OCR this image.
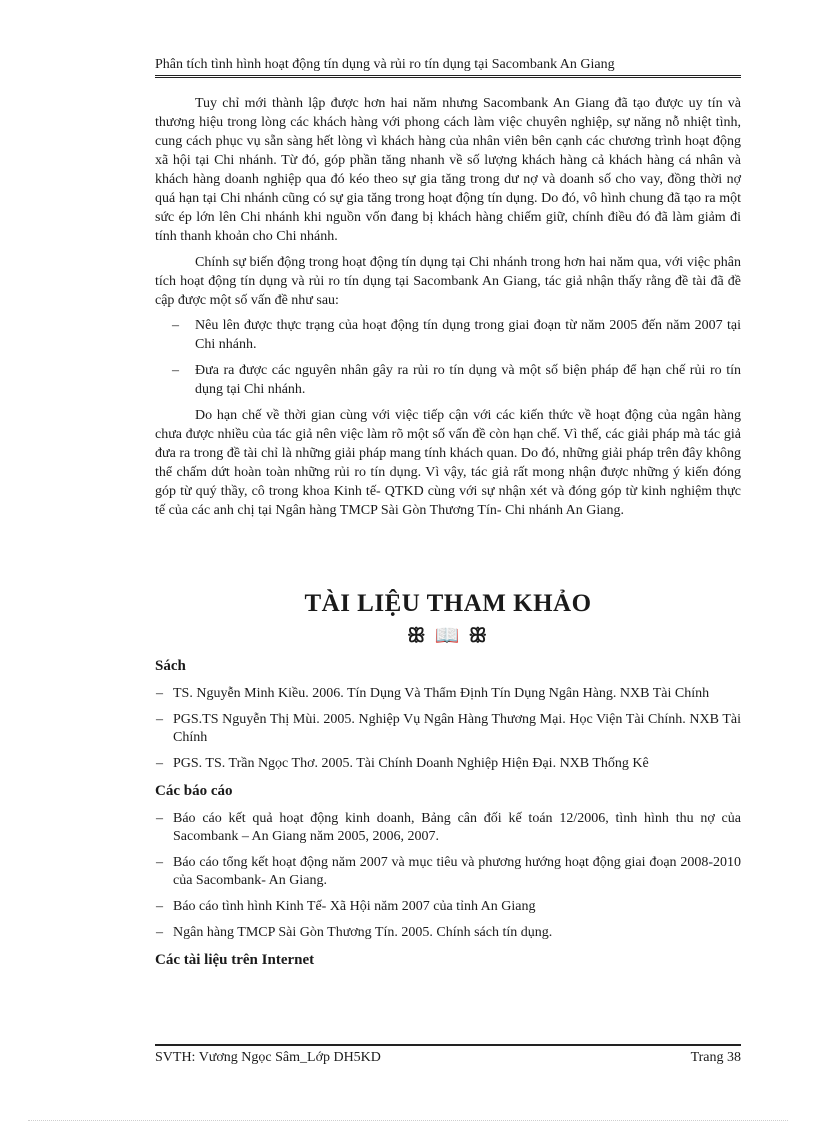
Phân tích tình hình hoạt động tín dụng và rủi ro tín dụng tại Sacombank An Giang

Tuy chỉ mới thành lập được hơn hai năm nhưng Sacombank An Giang đã tạo được uy tín và thương hiệu trong lòng các khách hàng với phong cách làm việc chuyên nghiệp, sự năng nỗ nhiệt tình, cung cách phục vụ sẵn sàng hết lòng vì khách hàng của nhân viên bên cạnh các chương trình hoạt động xã hội tại Chi nhánh. Từ đó, góp phần tăng nhanh về số lượng khách hàng cả khách hàng cá nhân và khách hàng doanh nghiệp qua đó kéo theo sự gia tăng trong dư nợ và doanh số cho vay, đồng thời nợ quá hạn tại Chi nhánh cũng có sự gia tăng trong hoạt động tín dụng. Do đó, vô hình chung đã tạo ra một sức ép lớn lên Chi nhánh khi nguồn vốn đang bị khách hàng chiếm giữ, chính điều đó đã làm giảm đi tính thanh khoản cho Chi nhánh.

Chính sự biến động trong hoạt động tín dụng tại Chi nhánh trong hơn hai năm qua, với việc phân tích hoạt động tín dụng và rủi ro tín dụng tại Sacombank An Giang, tác giả nhận thấy rằng đề tài đã đề cập được một số vấn đề như sau:

– Nêu lên được thực trạng của hoạt động tín dụng trong giai đoạn từ năm 2005 đến năm 2007 tại Chi nhánh.
– Đưa ra được các nguyên nhân gây ra rủi ro tín dụng và một số biện pháp để hạn chế rủi ro tín dụng tại Chi nhánh.

Do hạn chế về thời gian cùng với việc tiếp cận với các kiến thức về hoạt động của ngân hàng chưa được nhiều của tác giả nên việc làm rõ một số vấn đề còn hạn chế. Vì thế, các giải pháp mà tác giả đưa ra trong đề tài chỉ là những giải pháp mang tính khách quan. Do đó, những giải pháp trên đây không thể chấm dứt hoàn toàn những rủi ro tín dụng. Vì vậy, tác giả rất mong nhận được những ý kiến đóng góp từ quý thầy, cô trong khoa Kinh tế- QTKD cùng với sự nhận xét và đóng góp từ kinh nghiệm thực tế của các anh chị tại Ngân hàng TMCP Sài Gòn Thương Tín- Chi nhánh An Giang.

TÀI LIỆU THAM KHẢO
ꕥ 📖 ꕥ
Sách
– TS. Nguyễn Minh Kiều. 2006. Tín Dụng Và Thẩm Định Tín Dụng Ngân Hàng. NXB Tài Chính
– PGS.TS Nguyễn Thị Mùi. 2005. Nghiệp Vụ Ngân Hàng Thương Mại. Học Viện Tài Chính. NXB Tài Chính
– PGS. TS. Trần Ngọc Thơ. 2005. Tài Chính Doanh Nghiệp Hiện Đại. NXB Thống Kê
Các báo cáo
– Báo cáo kết quả hoạt động kinh doanh, Bảng cân đối kế toán 12/2006, tình hình thu nợ của Sacombank – An Giang năm 2005, 2006, 2007.
– Báo cáo tổng kết hoạt động năm 2007 và mục tiêu và phương hướng hoạt động giai đoạn 2008-2010 của Sacombank- An Giang.
– Báo cáo tình hình Kinh Tế- Xã Hội năm 2007 của tỉnh An Giang
– Ngân hàng TMCP Sài Gòn Thương Tín. 2005. Chính sách tín dụng.
Các tài liệu trên Internet
SVTH: Vương Ngọc Sâm_Lớp DH5KD	Trang 38
